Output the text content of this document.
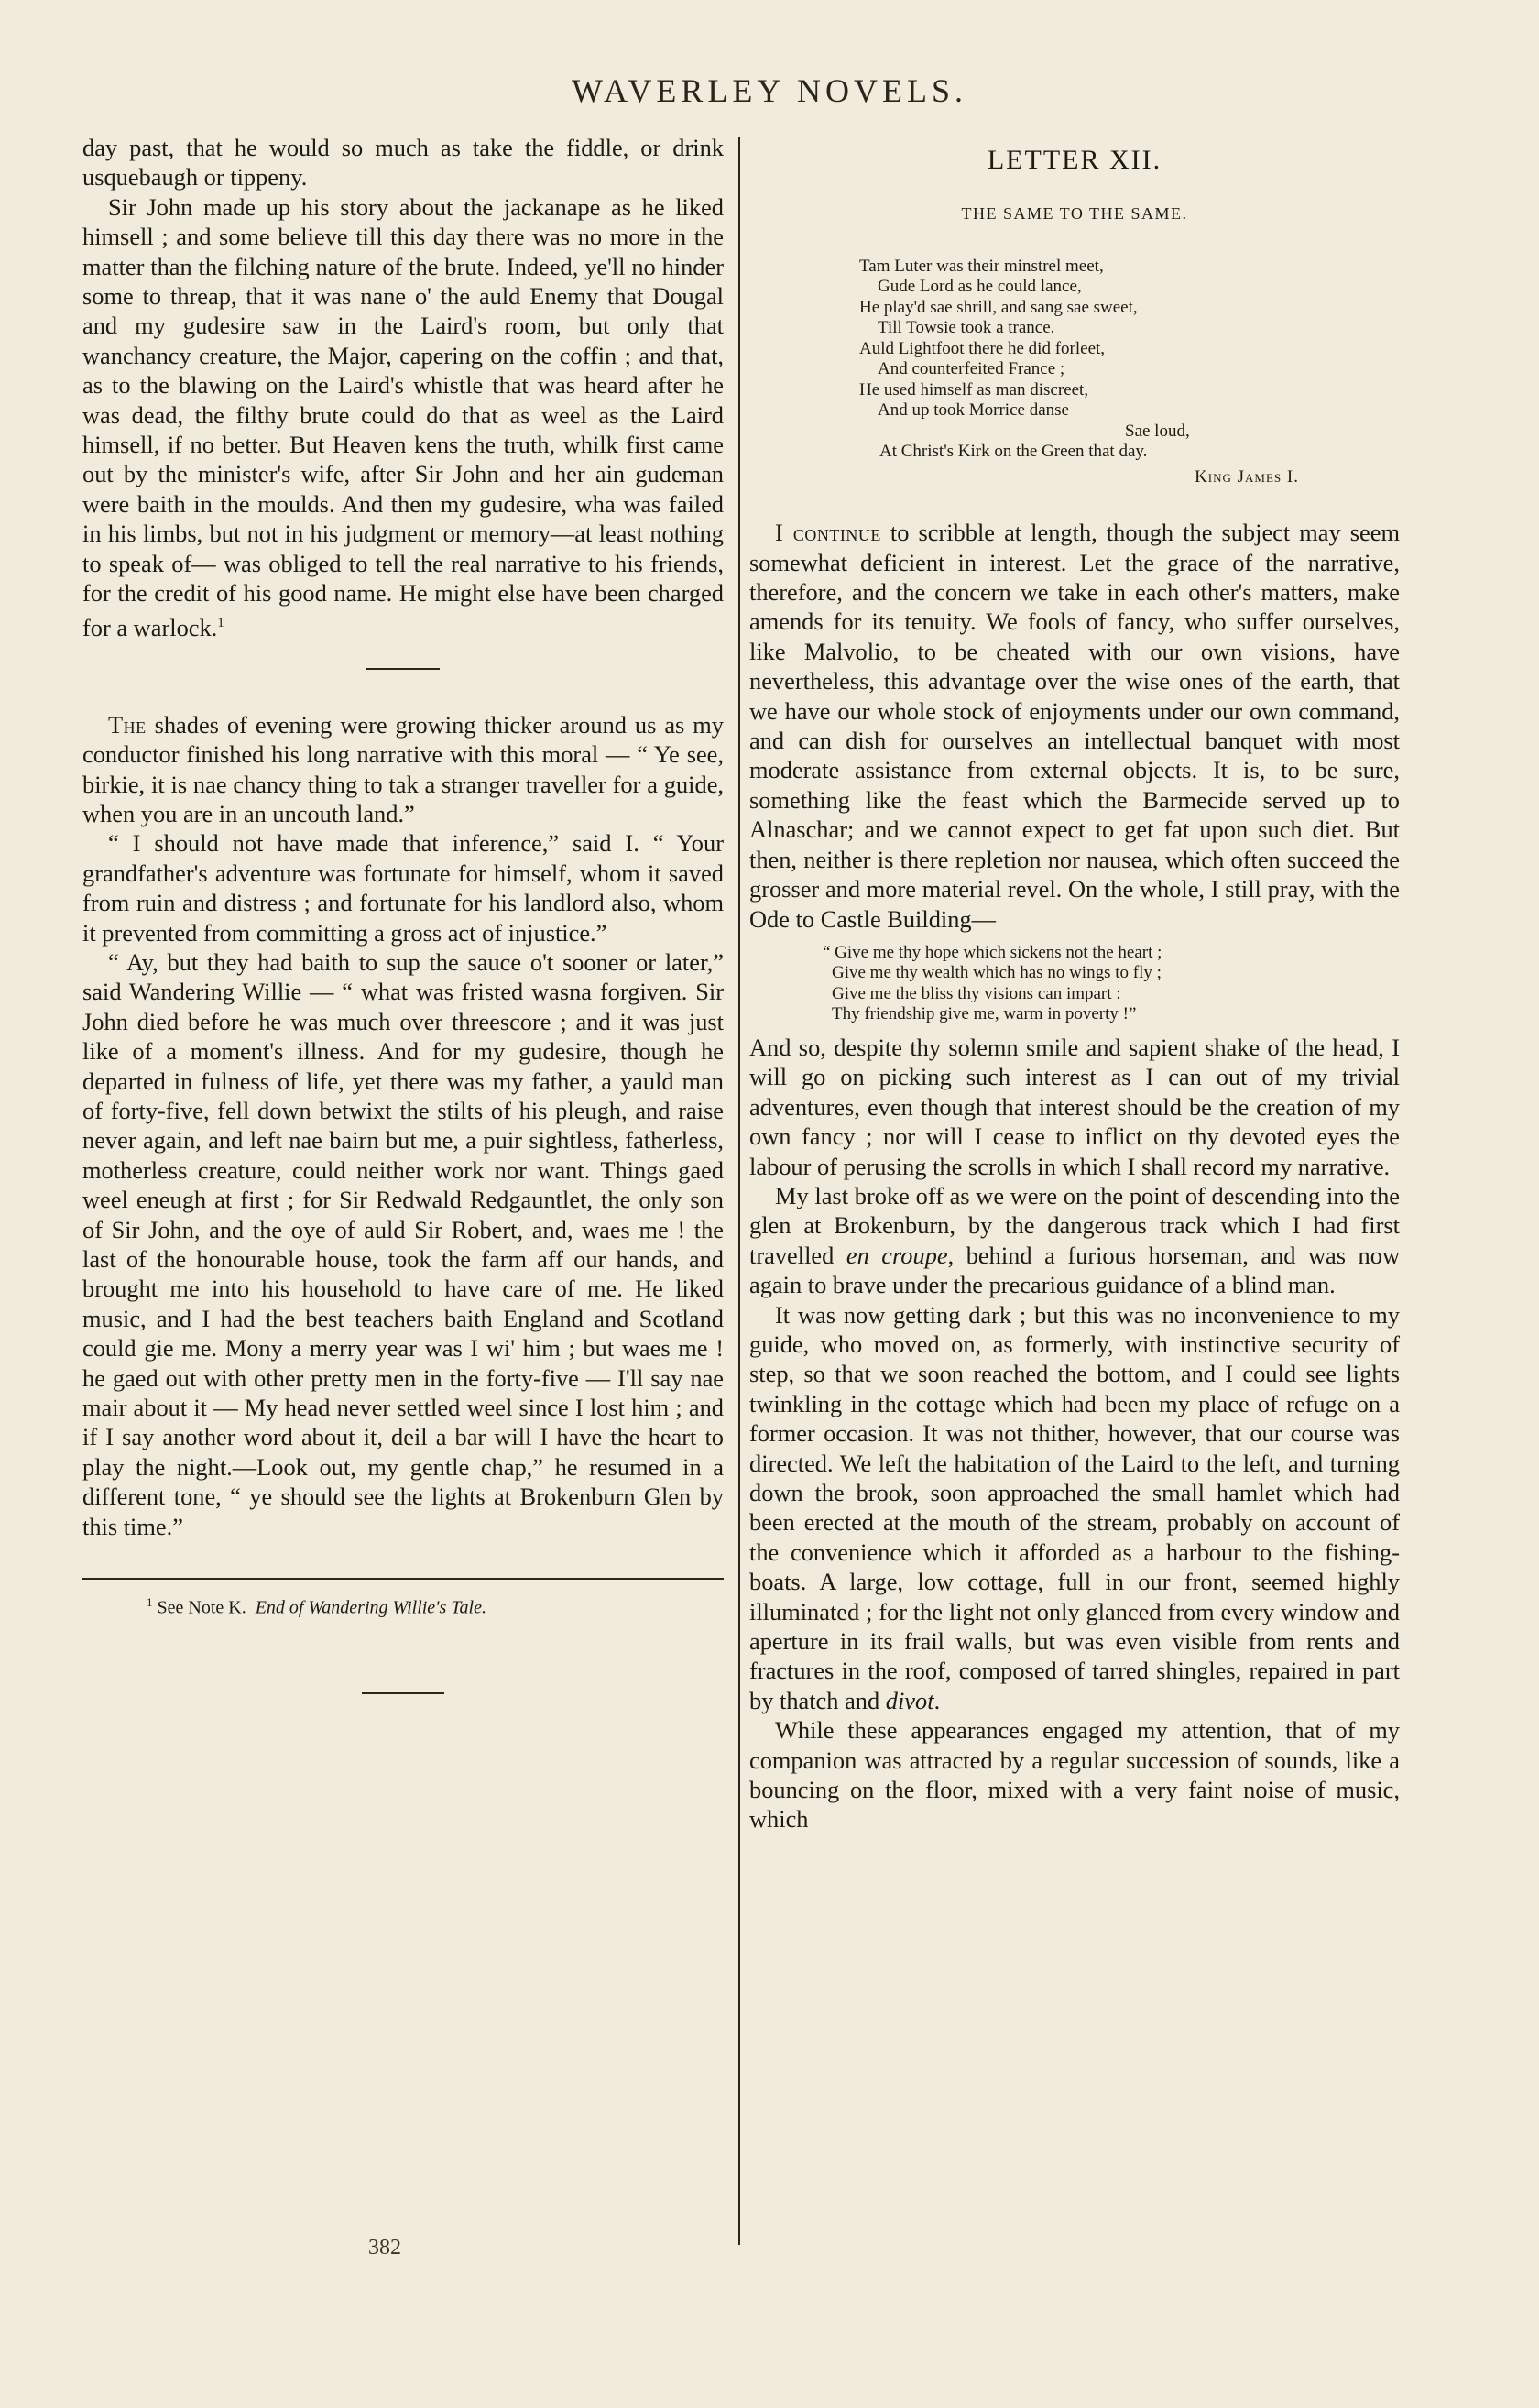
WAVERLEY NOVELS.

day past, that he would so much as take the fiddle, or drink usquebaugh or tippeny.

Sir John made up his story about the jackanape as he liked himsell ; and some believe till this day there was no more in the matter than the filching nature of the brute. Indeed, ye'll no hinder some to threap, that it was nane o' the auld Enemy that Dougal and my gudesire saw in the Laird's room, but only that wanchancy creature, the Major, capering on the coffin ; and that, as to the blawing on the Laird's whistle that was heard after he was dead, the filthy brute could do that as weel as the Laird himsell, if no better. But Heaven kens the truth, whilk first came out by the minister's wife, after Sir John and her ain gudeman were baith in the moulds. And then my gudesire, wha was failed in his limbs, but not in his judgment or memory—at least nothing to speak of— was obliged to tell the real narrative to his friends, for the credit of his good name. He might else have been charged for a warlock.$^1$

The shades of evening were growing thicker around us as my conductor finished his long narrative with this moral — “ Ye see, birkie, it is nae chancy thing to tak a stranger traveller for a guide, when you are in an uncouth land.”

“ I should not have made that inference,” said I. “ Your grandfather's adventure was fortunate for himself, whom it saved from ruin and distress ; and fortunate for his landlord also, whom it prevented from committing a gross act of injustice.”

“ Ay, but they had baith to sup the sauce o't sooner or later,” said Wandering Willie — “ what was fristed wasna forgiven. Sir John died before he was much over threescore ; and it was just like of a moment's illness. And for my gudesire, though he departed in fulness of life, yet there was my father, a yauld man of forty-five, fell down betwixt the stilts of his pleugh, and raise never again, and left nae bairn but me, a puir sightless, fatherless, motherless creature, could neither work nor want. Things gaed weel eneugh at first ; for Sir Redwald Redgauntlet, the only son of Sir John, and the oye of auld Sir Robert, and, waes me ! the last of the honourable house, took the farm aff our hands, and brought me into his household to have care of me. He liked music, and I had the best teachers baith England and Scotland could gie me. Mony a merry year was I wi' him ; but waes me ! he gaed out with other pretty men in the forty-five — I'll say nae mair about it — My head never settled weel since I lost him ; and if I say another word about it, deil a bar will I have the heart to play the night.—Look out, my gentle chap,” he resumed in a different tone, “ ye should see the lights at Brokenburn Glen by this time.”

$^1$ See Note K. End of Wandering Willie's Tale.
382
LETTER XII.
THE SAME TO THE SAME.
Tam Luter was their minstrel meet,
Gude Lord as he could lance,
He play'd sae shrill, and sang sae sweet,
Till Towsie took a trance.
Auld Lightfoot there he did forleet,
And counterfeited France ;
He used himself as man discreet,
And up took Morrice danse
Sae loud,
At Christ's Kirk on the Green that day.
King James I.

I continue to scribble at length, though the subject may seem somewhat deficient in interest. Let the grace of the narrative, therefore, and the concern we take in each other's matters, make amends for its tenuity. We fools of fancy, who suffer ourselves, like Malvolio, to be cheated with our own visions, have nevertheless, this advantage over the wise ones of the earth, that we have our whole stock of enjoyments under our own command, and can dish for ourselves an intellectual banquet with most moderate assistance from external objects. It is, to be sure, something like the feast which the Barmecide served up to Alnaschar; and we cannot expect to get fat upon such diet. But then, neither is there repletion nor nausea, which often succeed the grosser and more material revel. On the whole, I still pray, with the Ode to Castle Building—

“ Give me thy hope which sickens not the heart ;
Give me thy wealth which has no wings to fly ;
Give me the bliss thy visions can impart :
Thy friendship give me, warm in poverty !”

And so, despite thy solemn smile and sapient shake of the head, I will go on picking such interest as I can out of my trivial adventures, even though that interest should be the creation of my own fancy ; nor will I cease to inflict on thy devoted eyes the labour of perusing the scrolls in which I shall record my narrative.

My last broke off as we were on the point of descending into the glen at Brokenburn, by the dangerous track which I had first travelled en croupe, behind a furious horseman, and was now again to brave under the precarious guidance of a blind man.

It was now getting dark ; but this was no inconvenience to my guide, who moved on, as formerly, with instinctive security of step, so that we soon reached the bottom, and I could see lights twinkling in the cottage which had been my place of refuge on a former occasion. It was not thither, however, that our course was directed. We left the habitation of the Laird to the left, and turning down the brook, soon approached the small hamlet which had been erected at the mouth of the stream, probably on account of the convenience which it afforded as a harbour to the fishing-boats. A large, low cottage, full in our front, seemed highly illuminated ; for the light not only glanced from every window and aperture in its frail walls, but was even visible from rents and fractures in the roof, composed of tarred shingles, repaired in part by thatch and divot.

While these appearances engaged my attention, that of my companion was attracted by a regular succession of sounds, like a bouncing on the floor, mixed with a very faint noise of music, which
